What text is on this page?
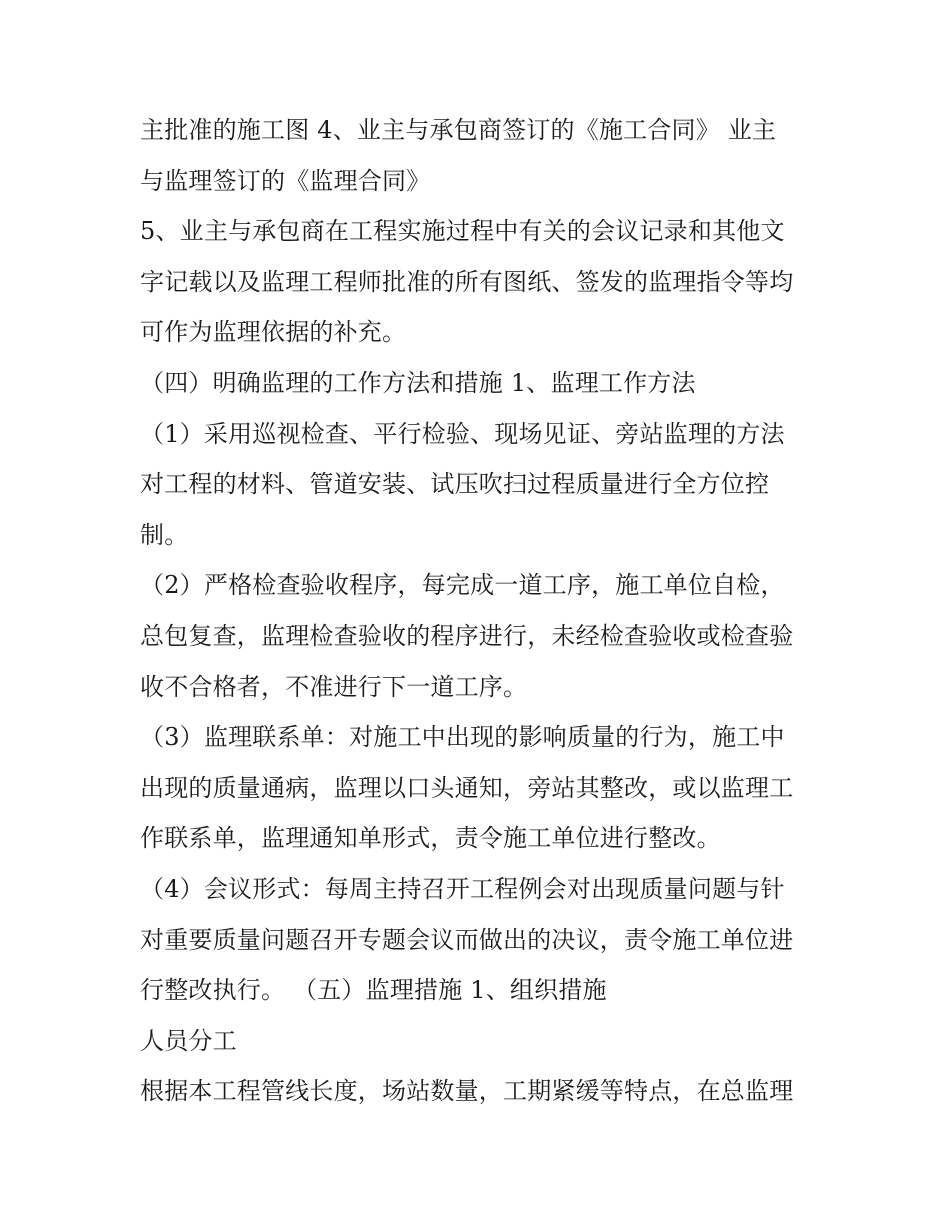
主批准的施工图 4、业主与承包商签订的《施工合同》 业主
与监理签订的《监理合同》
5、业主与承包商在工程实施过程中有关的会议记录和其他文
字记载以及监理工程师批准的所有图纸、签发的监理指令等均
可作为监理依据的补充。
（四）明确监理的工作方法和措施 1、监理工作方法
（1）采用巡视检查、平行检验、现场见证、旁站监理的方法
对工程的材料、管道安装、试压吹扫过程质量进行全方位控
制。
（2）严格检查验收程序，每完成一道工序，施工单位自检，
总包复查，监理检查验收的程序进行，未经检查验收或检查验
收不合格者，不准进行下一道工序。
（3）监理联系单：对施工中出现的影响质量的行为，施工中
出现的质量通病，监理以口头通知，旁站其整改，或以监理工
作联系单，监理通知单形式，责令施工单位进行整改。
（4）会议形式：每周主持召开工程例会对出现质量问题与针
对重要质量问题召开专题会议而做出的决议，责令施工单位进
行整改执行。 （五）监理措施 1、组织措施
人员分工
根据本工程管线长度，场站数量，工期紧缓等特点，在总监理
